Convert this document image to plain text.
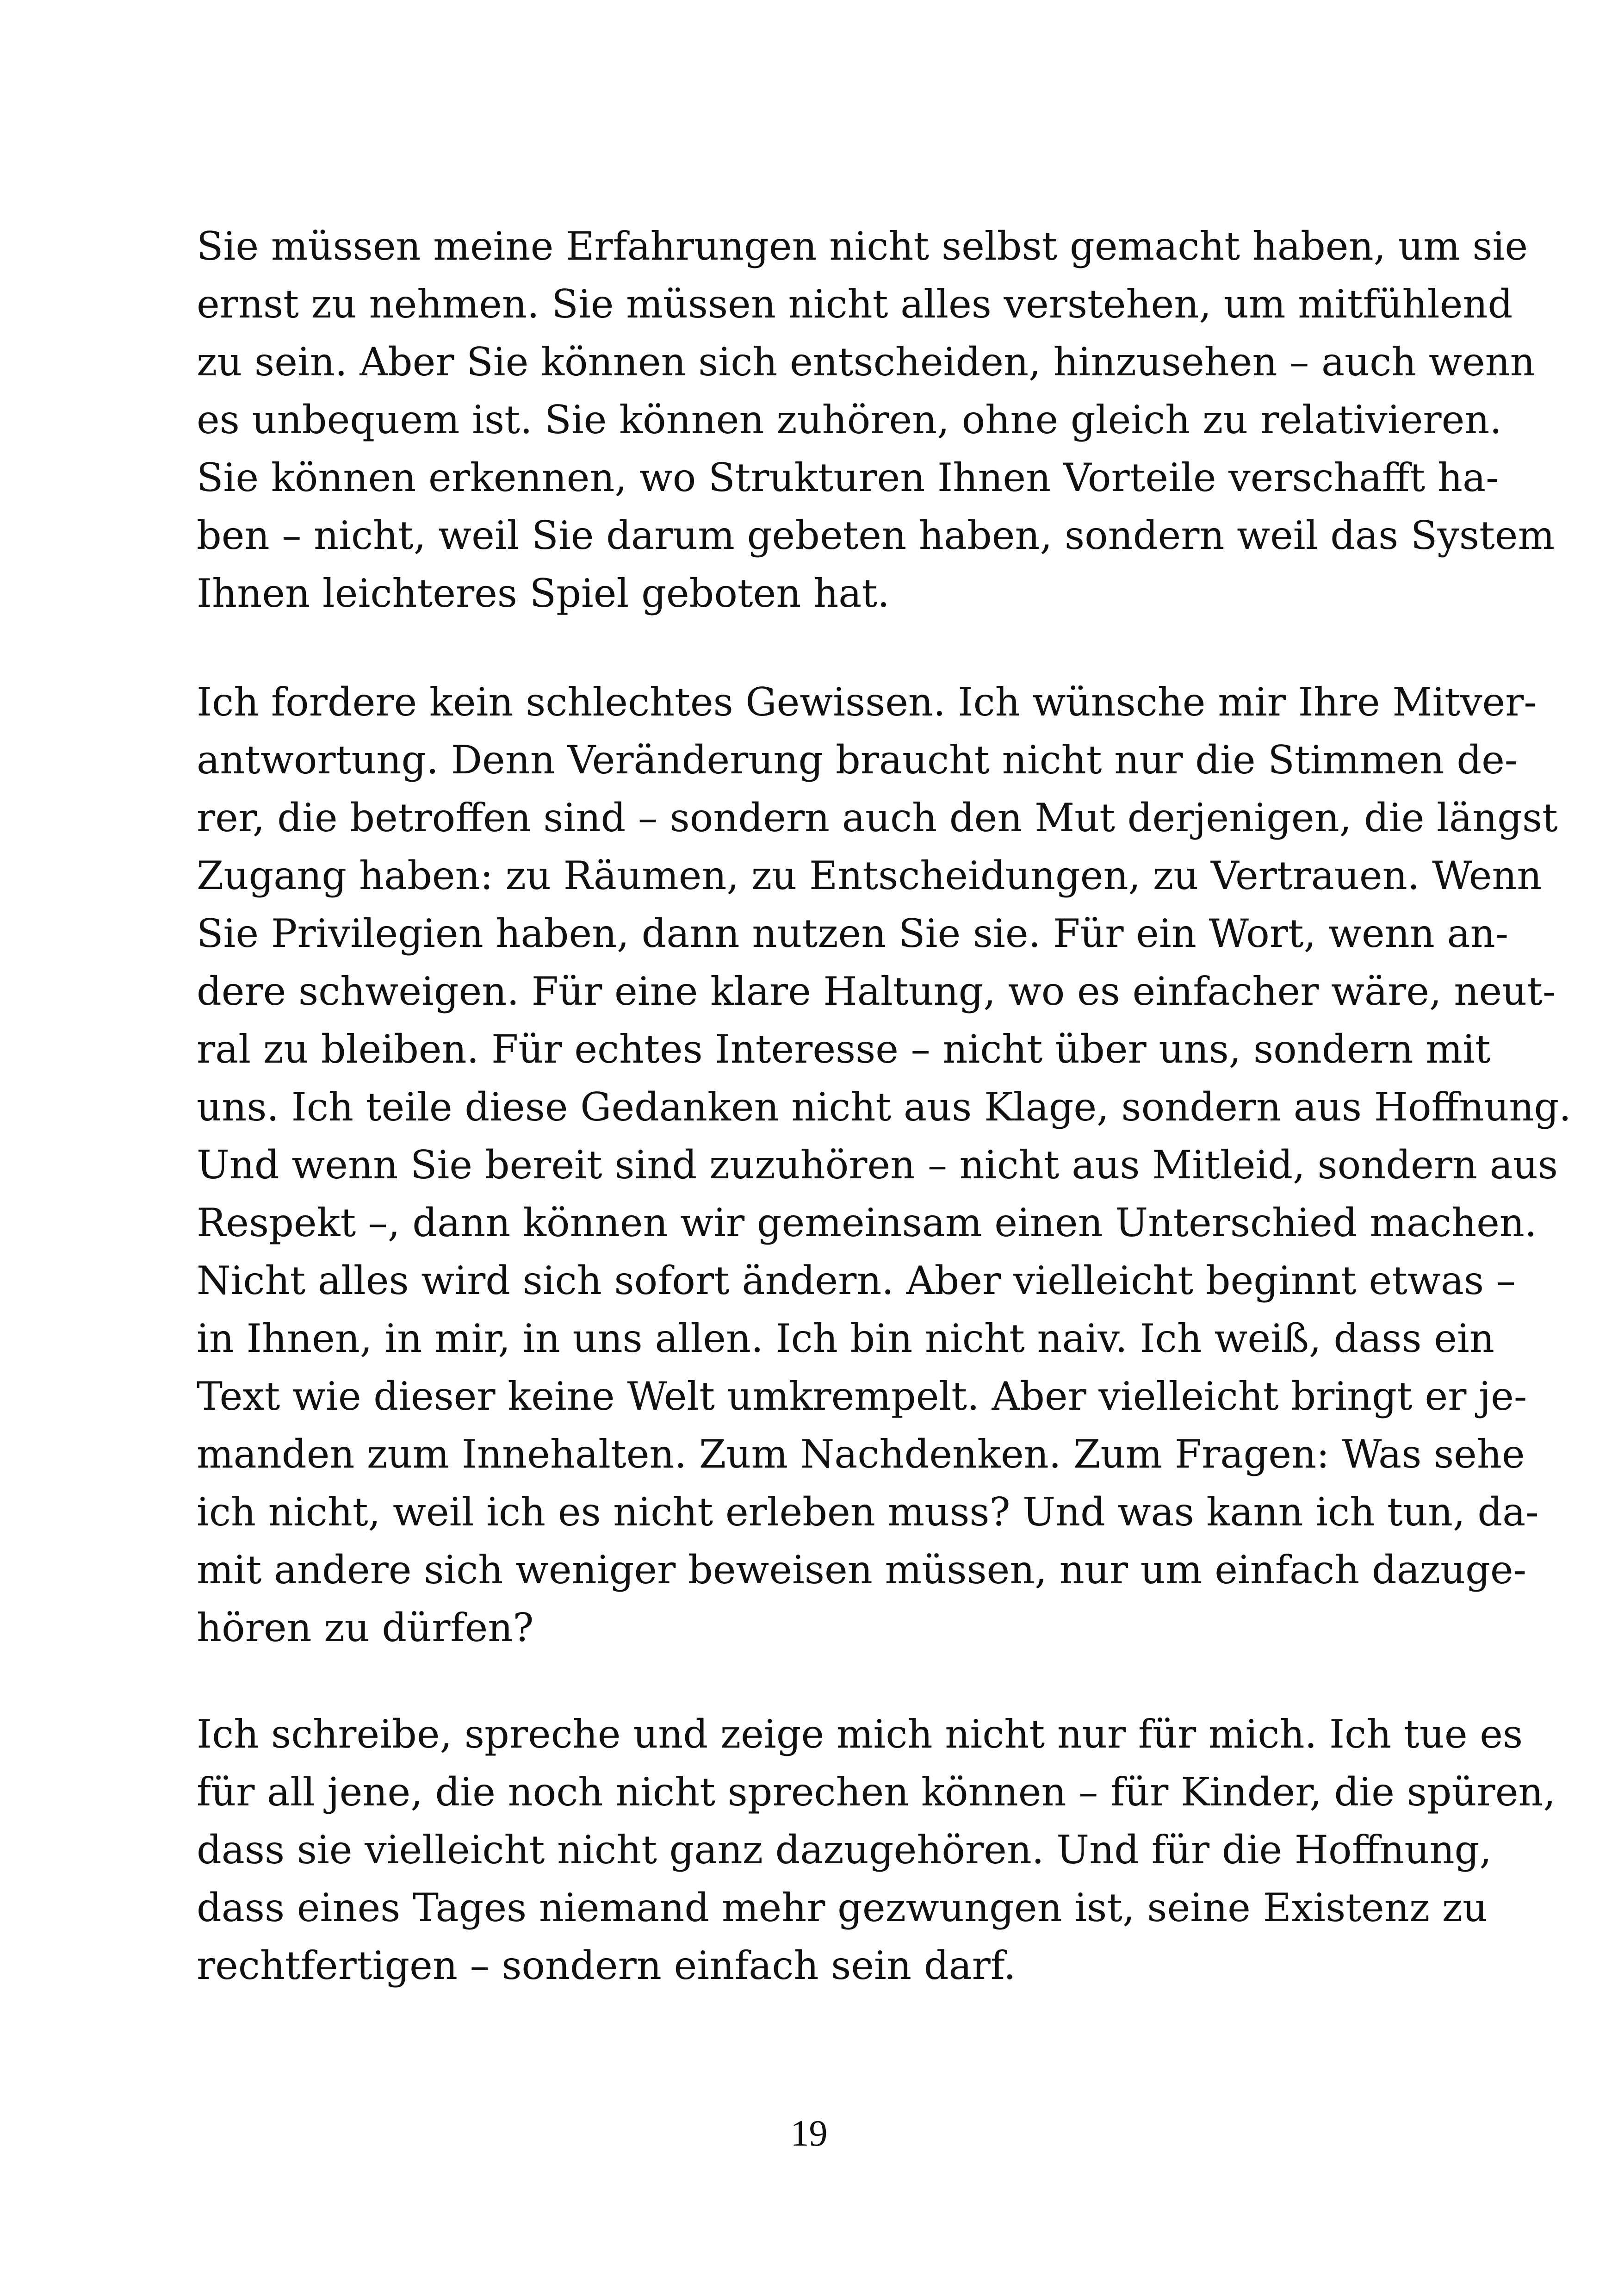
Sie müssen meine Erfahrungen nicht selbst gemacht haben, um sie
ernst zu nehmen. Sie müssen nicht alles verstehen, um mitfühlend
zu sein. Aber Sie können sich entscheiden, hinzusehen – auch wenn
es unbequem ist. Sie können zuhören, ohne gleich zu relativieren.
Sie können erkennen, wo Strukturen Ihnen Vorteile verschafft ha-
ben – nicht, weil Sie darum gebeten haben, sondern weil das System
Ihnen leichteres Spiel geboten hat.
Ich fordere kein schlechtes Gewissen. Ich wünsche mir Ihre Mitver-
antwortung. Denn Veränderung braucht nicht nur die Stimmen de-
rer, die betroffen sind – sondern auch den Mut derjenigen, die längst
Zugang haben: zu Räumen, zu Entscheidungen, zu Vertrauen. Wenn
Sie Privilegien haben, dann nutzen Sie sie. Für ein Wort, wenn an-
dere schweigen. Für eine klare Haltung, wo es einfacher wäre, neut-
ral zu bleiben. Für echtes Interesse – nicht über uns, sondern mit
uns. Ich teile diese Gedanken nicht aus Klage, sondern aus Hoffnung.
Und wenn Sie bereit sind zuzuhören – nicht aus Mitleid, sondern aus
Respekt –, dann können wir gemeinsam einen Unterschied machen.
Nicht alles wird sich sofort ändern. Aber vielleicht beginnt etwas –
in Ihnen, in mir, in uns allen. Ich bin nicht naiv. Ich weiß, dass ein
Text wie dieser keine Welt umkrempelt. Aber vielleicht bringt er je-
manden zum Innehalten. Zum Nachdenken. Zum Fragen: Was sehe
ich nicht, weil ich es nicht erleben muss? Und was kann ich tun, da-
mit andere sich weniger beweisen müssen, nur um einfach dazuge-
hören zu dürfen?
Ich schreibe, spreche und zeige mich nicht nur für mich. Ich tue es
für all jene, die noch nicht sprechen können – für Kinder, die spüren,
dass sie vielleicht nicht ganz dazugehören. Und für die Hoffnung,
dass eines Tages niemand mehr gezwungen ist, seine Existenz zu
rechtfertigen – sondern einfach sein darf.
19
